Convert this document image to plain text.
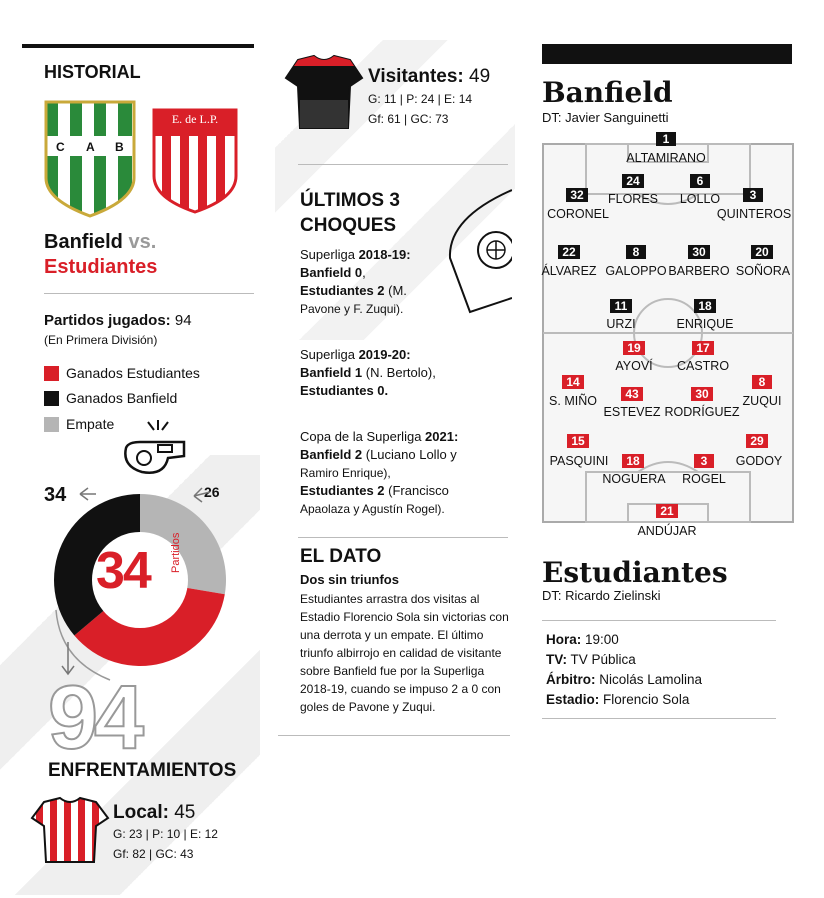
HISTORIAL
C A B
E. de L.P.
Banfield vs.
Estudiantes
Partidos jugados: 94
(En Primera División)
Ganados Estudiantes
Ganados Banfield
Empate
34	26
34 Partidos
94
ENFRENTAMIENTOS
Local: 45
G: 23 | P: 10 | E: 12
Gf: 82 | GC: 43
Visitantes: 49
G: 11 | P: 24 | E: 14
Gf: 61 | GC: 73
ÚLTIMOS 3
CHOQUES
Superliga 2018-19:
Banfield 0,
Estudiantes 2 (M.
Pavone y F. Zuqui).
Superliga 2019-20:
Banfield 1 (N. Bertolo),
Estudiantes 0.
Copa de la Superliga 2021:
Banfield 2 (Luciano Lollo y
Ramiro Enrique),
Estudiantes 2 (Francisco
Apaolaza y Agustín Rogel).
EL DATO
Dos sin triunfos
Estudiantes arrastra dos visitas al
Estadio Florencio Sola sin victorias con
una derrota y un empate. El último
triunfo albirrojo en calidad de visitante
sobre Banfield fue por la Superliga
2018-19, cuando se impuso 2 a 0 con
goles de Pavone y Zuqui.
Banfield
DT: Javier Sanguinetti
1
ALTAMIRANO
24
FLORES
6
LOLLO
32
CORONEL
3
QUINTEROS
22
ÁLVAREZ
8
GALOPPO
30
BARBERO
20
SOÑORA
11
URZI
18
ENRIQUE
19
AYOVÍ
17
CASTRO
14
S. MIÑO	43
ESTEVEZ
30
RODRÍGUEZ
8
ZUQUI
15
PASQUINI	18
NOGUERA
3
ROGEL
29
GODOY
21
ANDÚJAR
Estudiantes
DT: Ricardo Zielinski
Hora: 19:00
TV: TV Pública
Árbitro: Nicolás Lamolina
Estadio: Florencio Sola
